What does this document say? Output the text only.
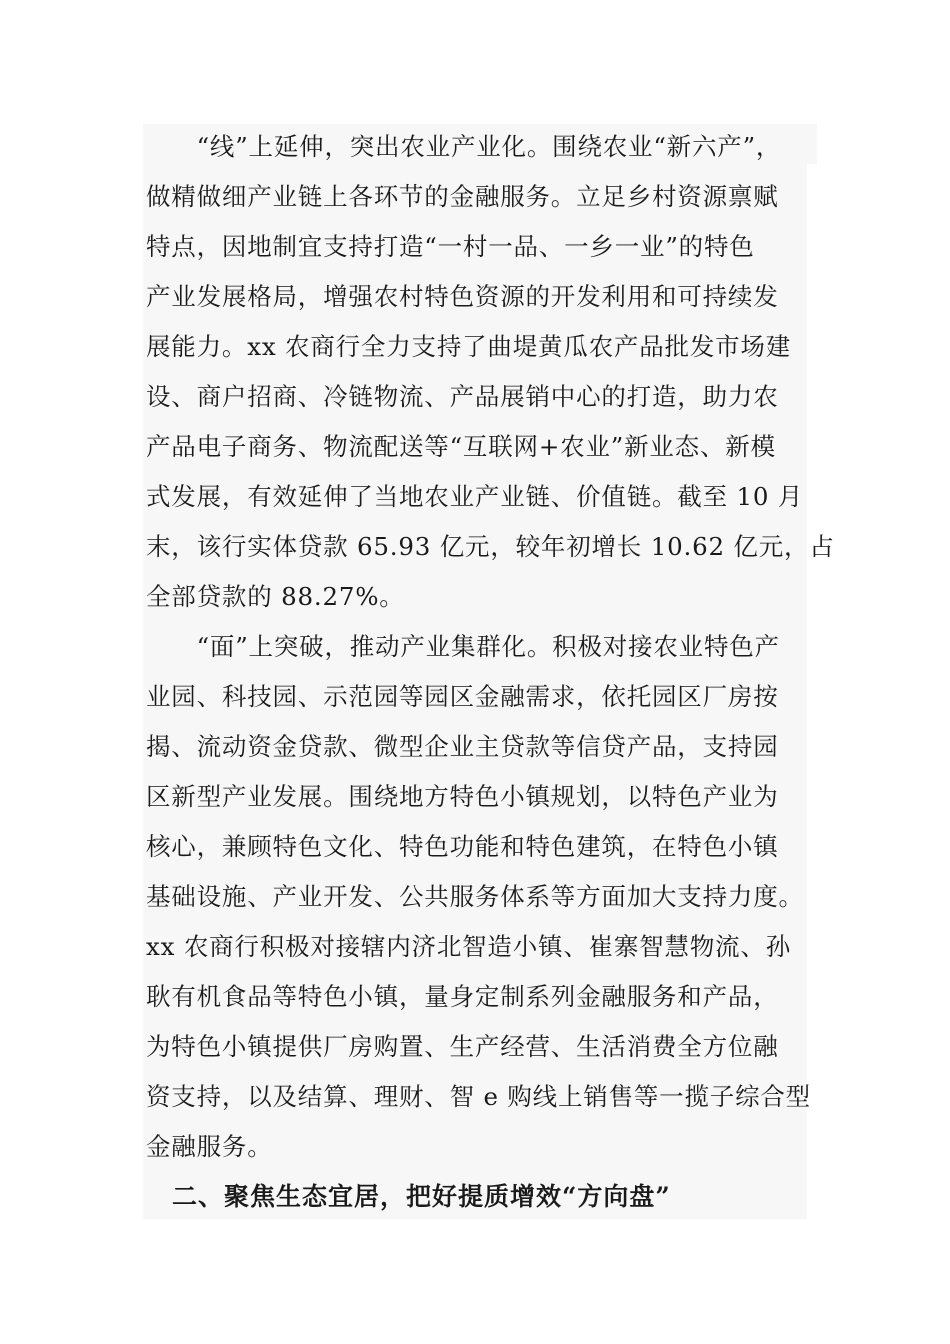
　　“线”上延伸，突出农业产业化。围绕农业“新六产”，
做精做细产业链上各环节的金融服务。立足乡村资源禀赋
特点，因地制宜支持打造“一村一品、一乡一业”的特色
产业发展格局，增强农村特色资源的开发利用和可持续发
展能力。xx 农商行全力支持了曲堤黄瓜农产品批发市场建
设、商户招商、冷链物流、产品展销中心的打造，助力农
产品电子商务、物流配送等“互联网+农业”新业态、新模
式发展，有效延伸了当地农业产业链、价值链。截至 10 月
末，该行实体贷款 65.93 亿元，较年初增长 10.62 亿元，占
全部贷款的 88.27%。
　　“面”上突破，推动产业集群化。积极对接农业特色产
业园、科技园、示范园等园区金融需求，依托园区厂房按
揭、流动资金贷款、微型企业主贷款等信贷产品，支持园
区新型产业发展。围绕地方特色小镇规划，以特色产业为
核心，兼顾特色文化、特色功能和特色建筑，在特色小镇
基础设施、产业开发、公共服务体系等方面加大支持力度。
xx 农商行积极对接辖内济北智造小镇、崔寨智慧物流、孙
耿有机食品等特色小镇，量身定制系列金融服务和产品，
为特色小镇提供厂房购置、生产经营、生活消费全方位融
资支持，以及结算、理财、智 e 购线上销售等一揽子综合型
金融服务。
　二、聚焦生态宜居，把好提质增效“方向盘”
